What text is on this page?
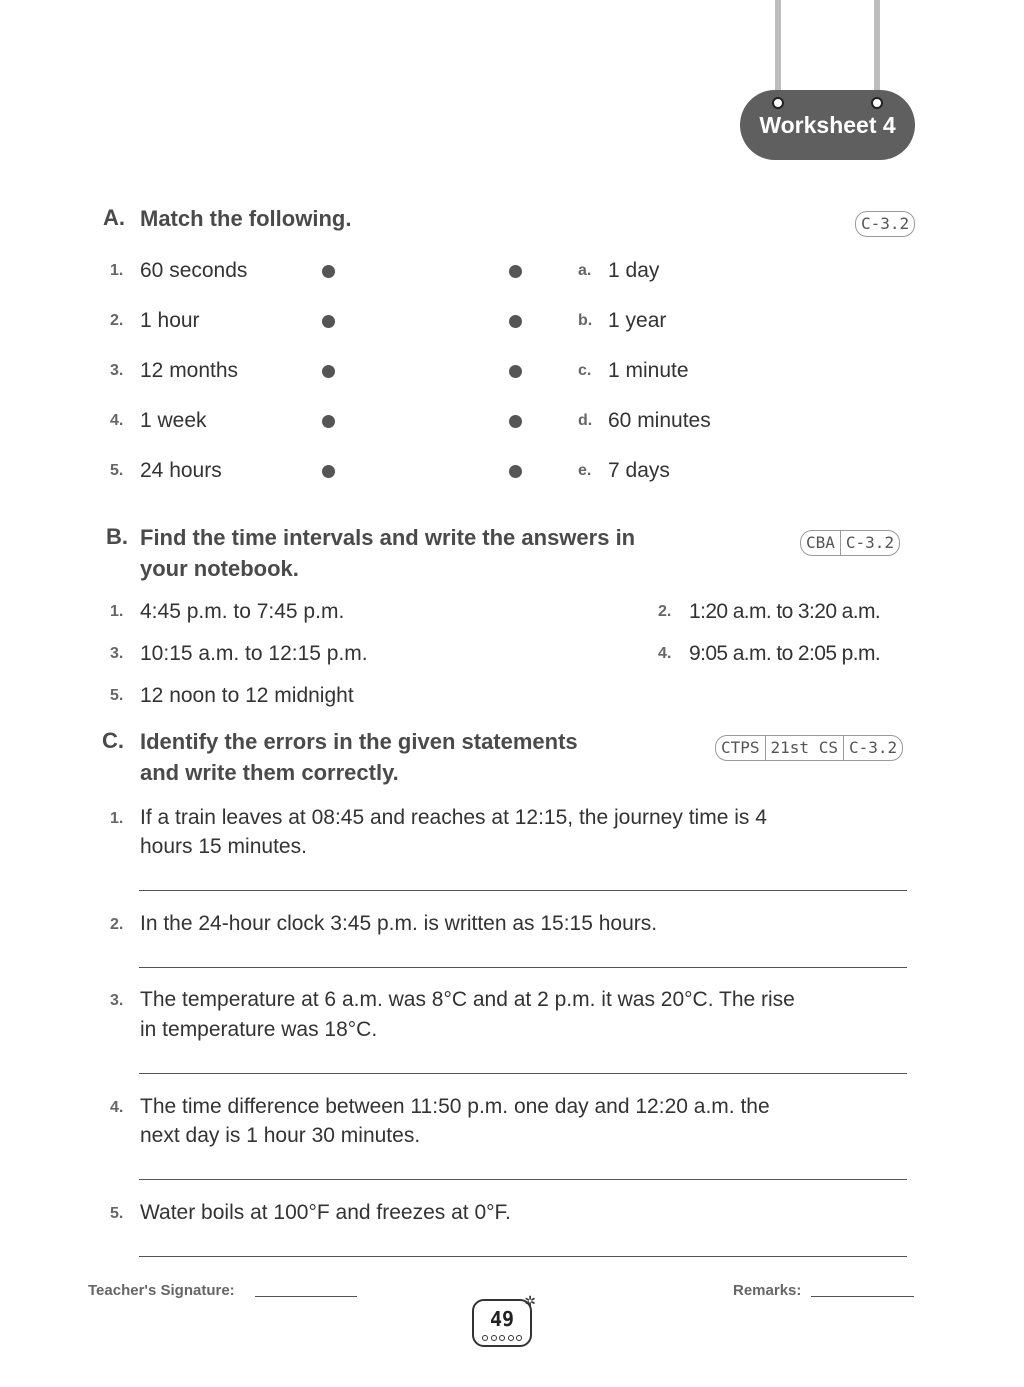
Worksheet 4
A. Match the following.	C-3.2
1. 60 seconds	a. 1 day
2. 1 hour	b. 1 year
3. 12 months	c. 1 minute
4. 1 week	d. 60 minutes
5. 24 hours	e. 7 days
B. Find the time intervals and write the answers in
your notebook.
CBA C-3.2
1. 4:45 p.m. to 7:45 p.m.	2. 1:20 a.m. to 3:20 a.m.
3. 10:15 a.m. to 12:15 p.m.	4. 9:05 a.m. to 2:05 p.m.
5. 12 noon to 12 midnight
C. Identify the errors in the given statements
and write them correctly.
CTPS 21st CS C-3.2
1. If a train leaves at 08:45 and reaches at 12:15, the journey time is 4
hours 15 minutes.
2. In the 24-hour clock 3:45 p.m. is written as 15:15 hours.
3. The temperature at 6 a.m. was 8°C and at 2 p.m. it was 20°C. The rise
in temperature was 18°C.
4. The time difference between 11:50 p.m. one day and 12:20 a.m. the
next day is 1 hour 30 minutes.
5. Water boils at 100°F and freezes at 0°F.
Teacher's Signature:	Remarks:
49
✲
